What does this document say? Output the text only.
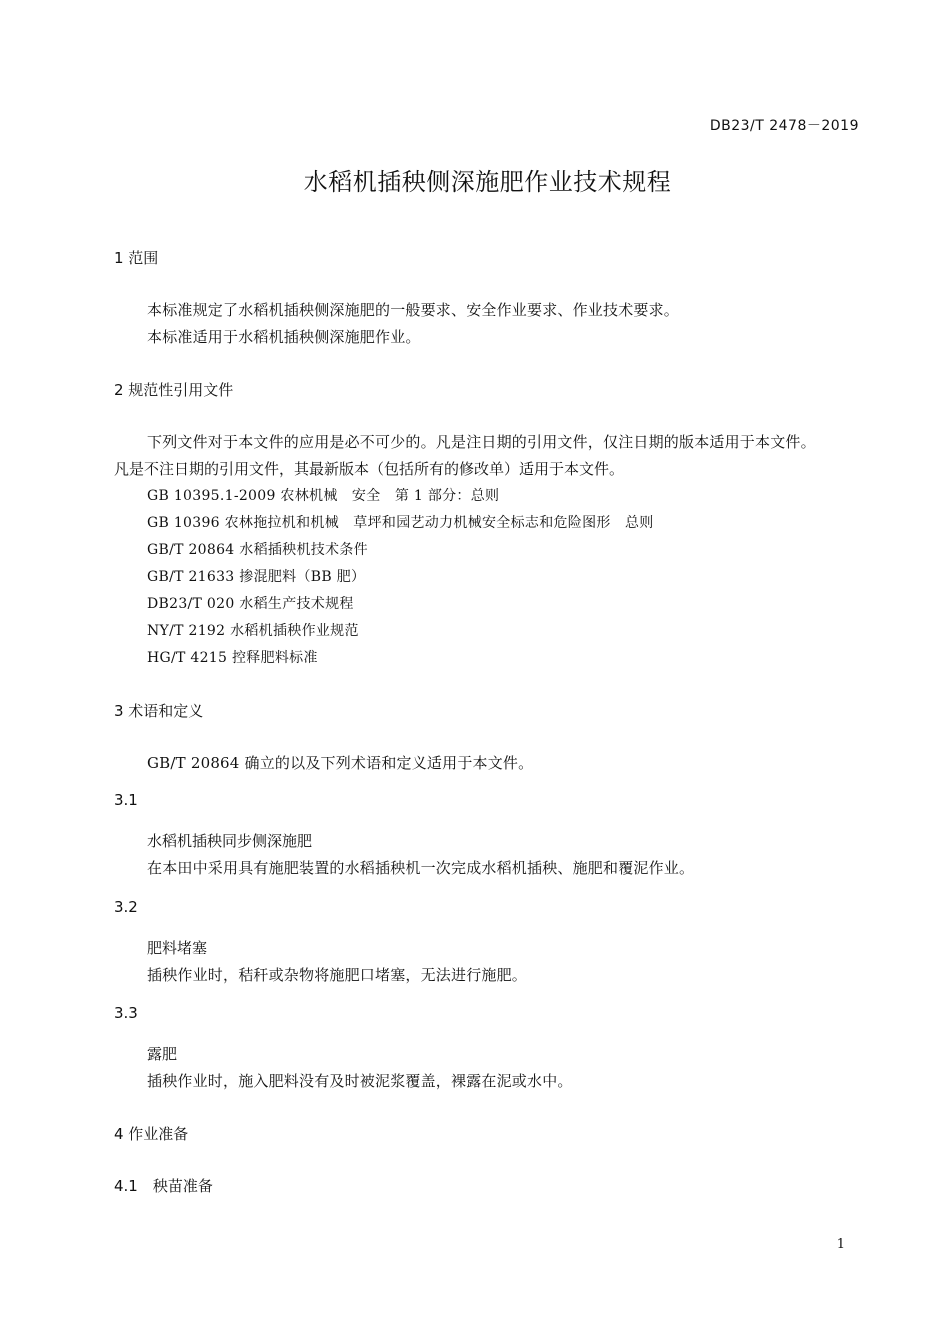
DB23/T 2478－2019
水稻机插秧侧深施肥作业技术规程
1 范围
本标准规定了水稻机插秧侧深施肥的一般要求、安全作业要求、作业技术要求。
本标准适用于水稻机插秧侧深施肥作业。
2 规范性引用文件
下列文件对于本文件的应用是必不可少的。凡是注日期的引用文件，仅注日期的版本适用于本文件。
凡是不注日期的引用文件，其最新版本（包括所有的修改单）适用于本文件。
GB 10395.1-2009 农林机械　安全　第 1 部分：总则
GB 10396 农林拖拉机和机械　草坪和园艺动力机械安全标志和危险图形　总则
GB/T 20864 水稻插秧机技术条件
GB/T 21633 掺混肥料（BB 肥）
DB23/T 020 水稻生产技术规程
NY/T 2192 水稻机插秧作业规范
HG/T 4215 控释肥料标准
3 术语和定义
GB/T 20864 确立的以及下列术语和定义适用于本文件。
3.1
水稻机插秧同步侧深施肥
在本田中采用具有施肥装置的水稻插秧机一次完成水稻机插秧、施肥和覆泥作业。
3.2
肥料堵塞
插秧作业时，秸秆或杂物将施肥口堵塞，无法进行施肥。
3.3
露肥
插秧作业时，施入肥料没有及时被泥浆覆盖，裸露在泥或水中。
4 作业准备
4.1　秧苗准备
1
